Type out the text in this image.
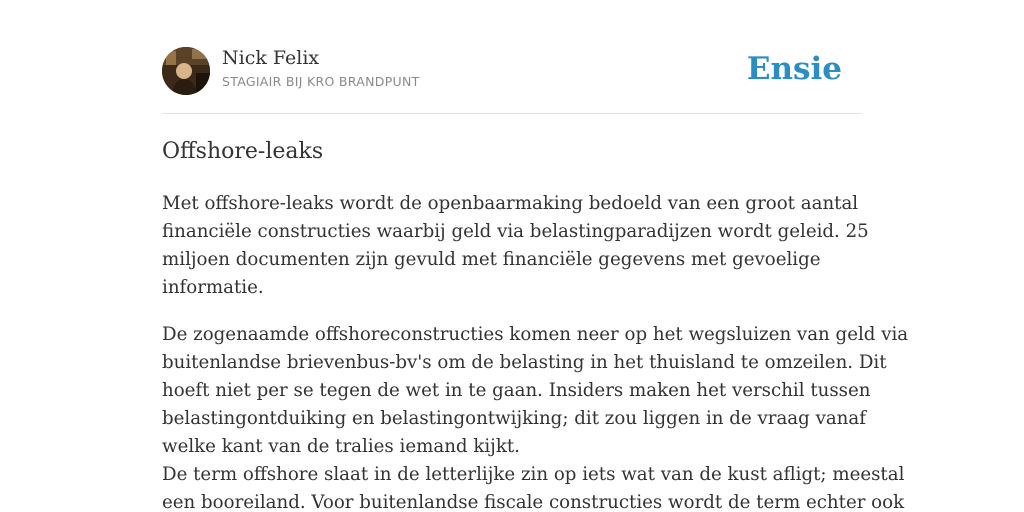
Nick Felix
STAGIAIR BIJ KRO BRANDPUNT	Ensie
Offshore-leaks

Met offshore-leaks wordt de openbaarmaking bedoeld van een groot aantal
financiële constructies waarbij geld via belastingparadijzen wordt geleid. 25
miljoen documenten zijn gevuld met financiële gegevens met gevoelige
informatie.

De zogenaamde offshoreconstructies komen neer op het wegsluizen van geld via
buitenlandse brievenbus-bv's om de belasting in het thuisland te omzeilen. Dit
hoeft niet per se tegen de wet in te gaan. Insiders maken het verschil tussen
belastingontduiking en belastingontwijking; dit zou liggen in de vraag vanaf
welke kant van de tralies iemand kijkt.
De term offshore slaat in de letterlijke zin op iets wat van de kust afligt; meestal
een booreiland. Voor buitenlandse fiscale constructies wordt de term echter ook
